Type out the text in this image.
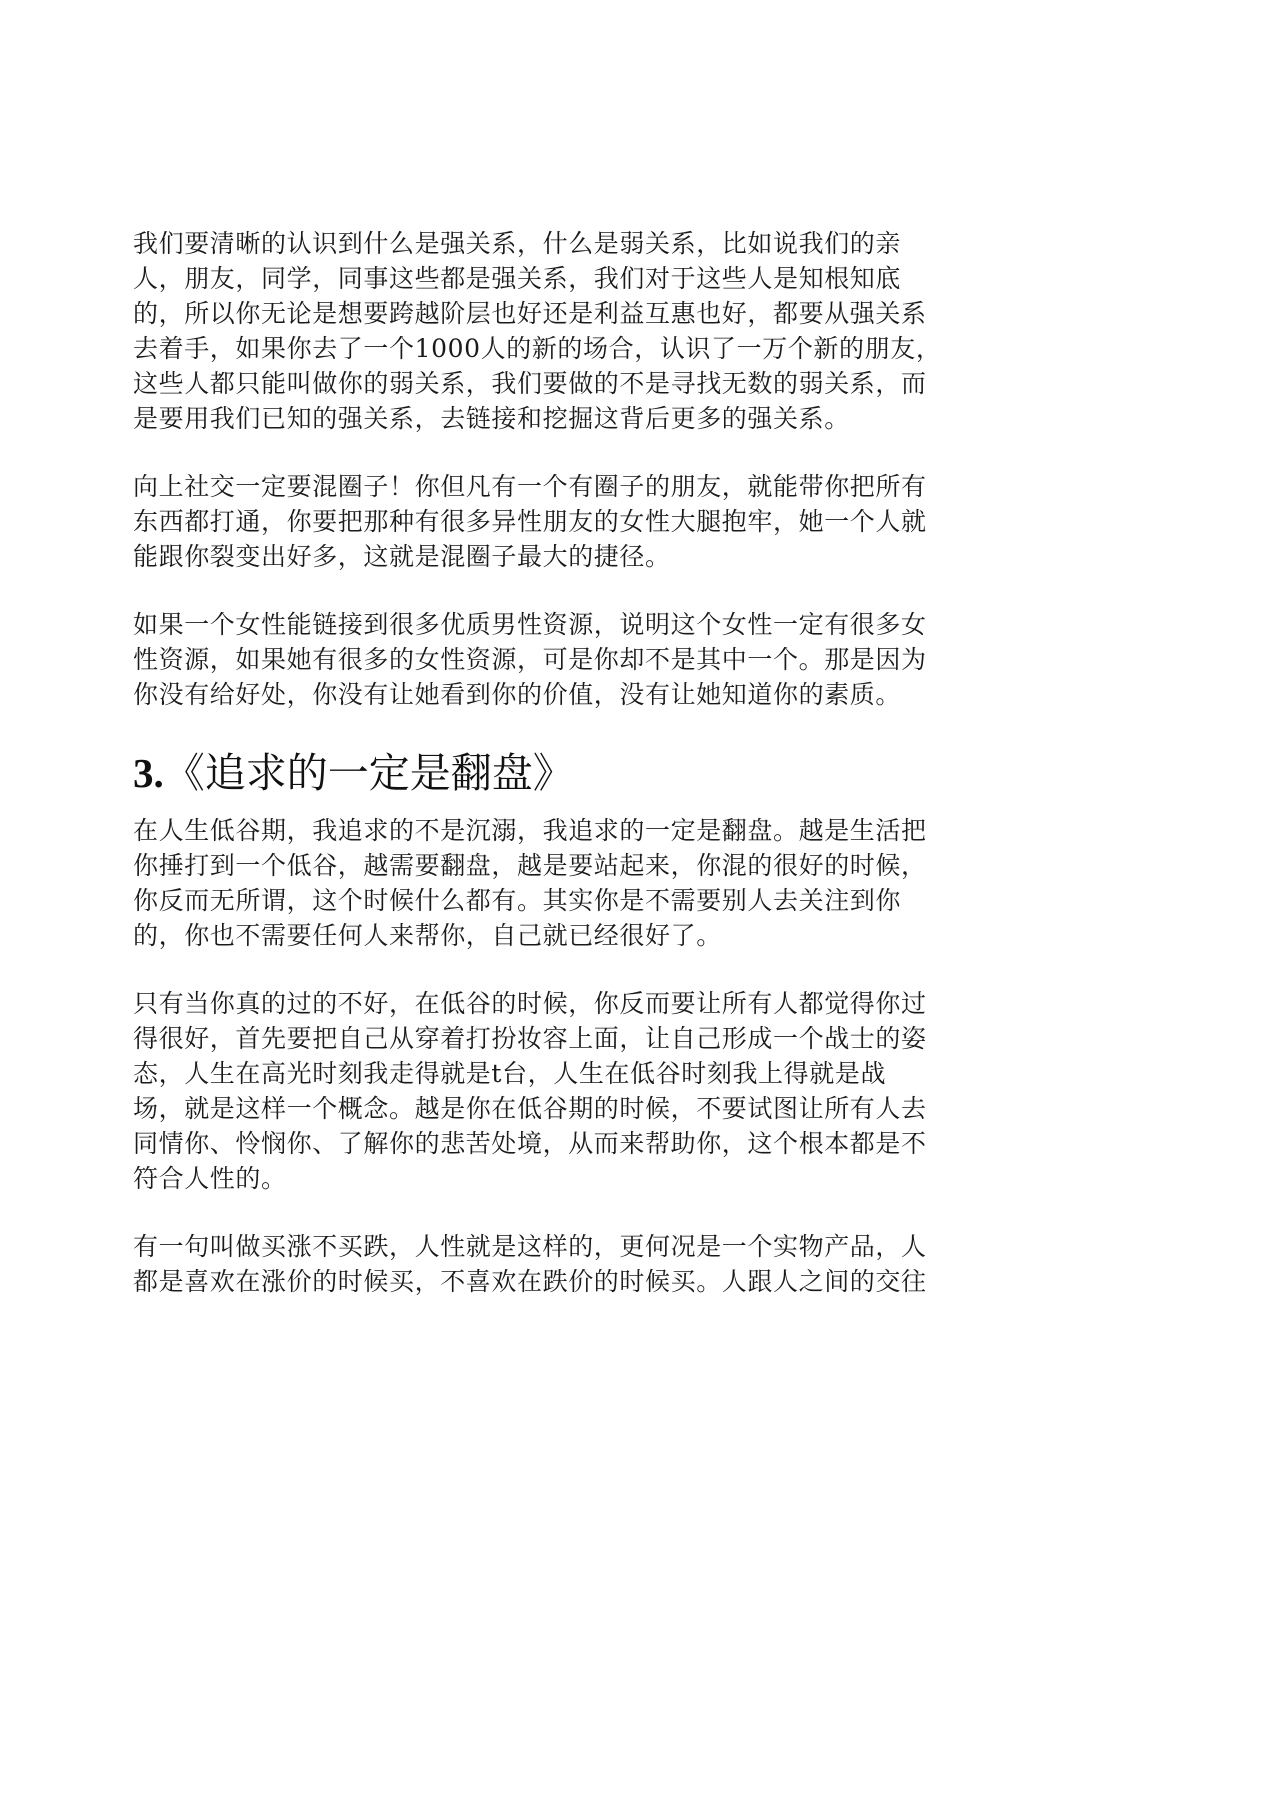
我们要清晰的认识到什么是强关系，什么是弱关系，比如说我们的亲
人，朋友，同学，同事这些都是强关系，我们对于这些人是知根知底
的，所以你无论是想要跨越阶层也好还是利益互惠也好，都要从强关系
去着手，如果你去了一个1000人的新的场合，认识了一万个新的朋友，
这些人都只能叫做你的弱关系，我们要做的不是寻找无数的弱关系，而
是要用我们已知的强关系，去链接和挖掘这背后更多的强关系。
向上社交一定要混圈子！你但凡有一个有圈子的朋友，就能带你把所有
东西都打通，你要把那种有很多异性朋友的女性大腿抱牢，她一个人就
能跟你裂变出好多，这就是混圈子最大的捷径。
如果一个女性能链接到很多优质男性资源，说明这个女性一定有很多女
性资源，如果她有很多的女性资源，可是你却不是其中一个。那是因为
你没有给好处，你没有让她看到你的价值，没有让她知道你的素质。
3.《追求的一定是翻盘》
在人生低谷期，我追求的不是沉溺，我追求的一定是翻盘。越是生活把
你捶打到一个低谷，越需要翻盘，越是要站起来，你混的很好的时候，
你反而无所谓，这个时候什么都有。其实你是不需要别人去关注到你
的，你也不需要任何人来帮你，自己就已经很好了。
只有当你真的过的不好，在低谷的时候，你反而要让所有人都觉得你过
得很好，首先要把自己从穿着打扮妆容上面，让自己形成一个战士的姿
态，人生在高光时刻我走得就是t台，人生在低谷时刻我上得就是战
场，就是这样一个概念。越是你在低谷期的时候，不要试图让所有人去
同情你、怜悯你、了解你的悲苦处境，从而来帮助你，这个根本都是不
符合人性的。
有一句叫做买涨不买跌，人性就是这样的，更何况是一个实物产品，人
都是喜欢在涨价的时候买，不喜欢在跌价的时候买。人跟人之间的交往
